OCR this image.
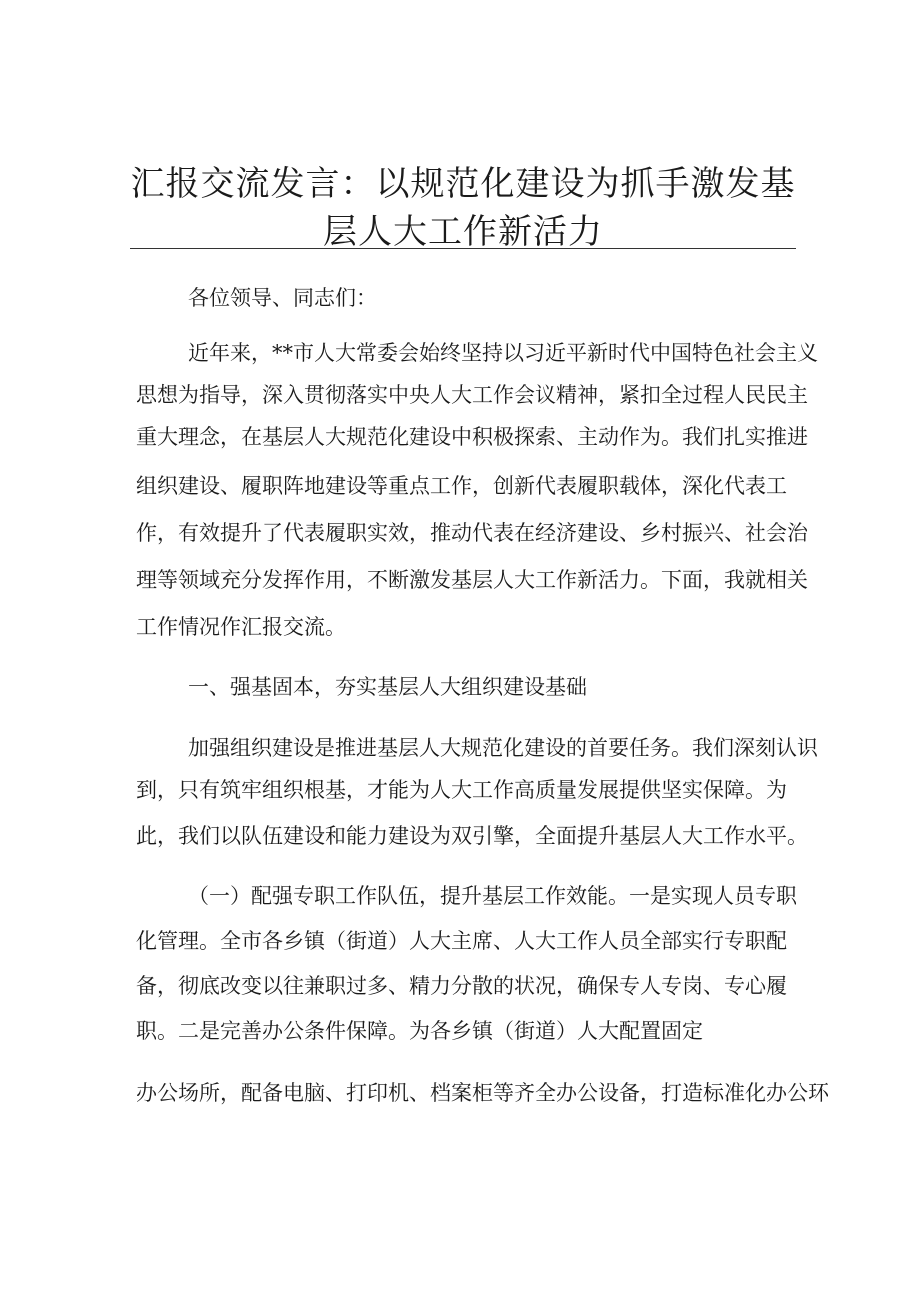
汇报交流发言：以规范化建设为抓手激发基
层人大工作新活力
各位领导、同志们：
近年来，**市人大常委会始终坚持以习近平新时代中国特色社会主义
思想为指导，深入贯彻落实中央人大工作会议精神，紧扣全过程人民民主
重大理念，在基层人大规范化建设中积极探索、主动作为。我们扎实推进
组织建设、履职阵地建设等重点工作，创新代表履职载体，深化代表工
作，有效提升了代表履职实效，推动代表在经济建设、乡村振兴、社会治
理等领域充分发挥作用，不断激发基层人大工作新活力。下面，我就相关
工作情况作汇报交流。
一、强基固本，夯实基层人大组织建设基础
加强组织建设是推进基层人大规范化建设的首要任务。我们深刻认识
到，只有筑牢组织根基，才能为人大工作高质量发展提供坚实保障。为
此，我们以队伍建设和能力建设为双引擎，全面提升基层人大工作水平。
（一）配强专职工作队伍，提升基层工作效能。一是实现人员专职
化管理。全市各乡镇（街道）人大主席、人大工作人员全部实行专职配
备，彻底改变以往兼职过多、精力分散的状况，确保专人专岗、专心履
职。二是完善办公条件保障。为各乡镇（街道）人大配置固定
办公场所，配备电脑、打印机、档案柜等齐全办公设备，打造标准化办公环
